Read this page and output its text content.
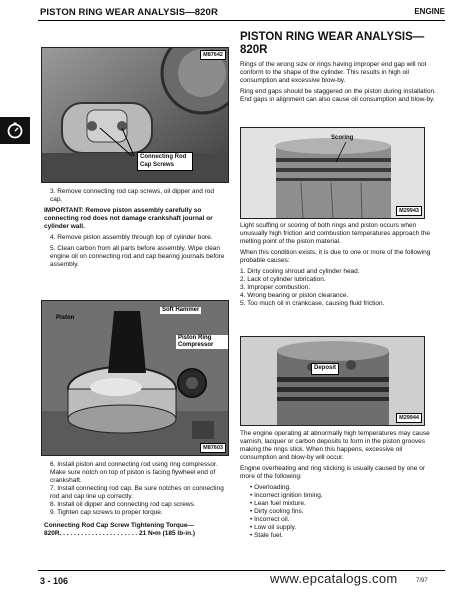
PISTON RING WEAR ANALYSIS—820R	ENGINE
M87642
Connecting Rod Cap Screws

3. Remove connecting rod cap screws, oil dipper and rod cap.

IMPORTANT: Remove piston assembly carefully so connecting rod does not damage crankshaft journal or cylinder wall.

4. Remove piston assembly through top of cylinder bore.

5. Clean carbon from all parts before assembly. Wipe clean engine oil on connecting rod and cap bearing journals before assembly.

Piston
Soft Hammer
Piston Ring Compressor
M87603
6. Install piston and connecting rod using ring compressor. Make sure notch on top of piston is facing flywheel end of crankshaft.
7. Install connecting rod cap. Be sure notches on connecting rod and cap line up correctly.
8. Install oil dipper and connecting rod cap screws.
9. Tighten cap screws to proper torque.
Connecting Rod Cap Screw Tightening Torque—
820R. . . . . . . . . . . . . . . . . . . . . . 21 N•m (185 lb-in.)
PISTON RING WEAR ANALYSIS— 820R

Rings of the wrong size or rings having improper end gap will not conform to the shape of the cylinder. This results in high oil consumption and excessive blow-by.

Ring end gaps should be staggered on the piston during installation. End gaps in alignment can also cause oil consumption and blow-by.

Scoring
M29943

Light scuffing or scoring of both rings and piston occurs when unusually high friction and combustion temperatures approach the melting point of the piston material.

When this condition exists, it is due to one or more of the following probable causes:

1. Dirty cooling shroud and cylinder head.
2. Lack of cylinder lubrication.
3. Improper combustion.
4. Wrong bearing or piston clearance.
5. Too much oil in crankcase, causing fluid friction.
Deposit
M29944

The engine operating at abnormally high temperatures may cause varnish, lacquer or carbon deposits to form in the piston grooves making the rings stick. When this happens, excessive oil consumption and blow-by will occur.

Engine overheating and ring sticking is usually caused by one or more of the following:

• Overloading.
• Incorrect ignition timing.
• Lean fuel mixture.
• Dirty cooling fins.
• Incorrect oil.
• Low oil supply.
• Stale fuel.
3 - 106	www.epcatalogs.com	7/97
